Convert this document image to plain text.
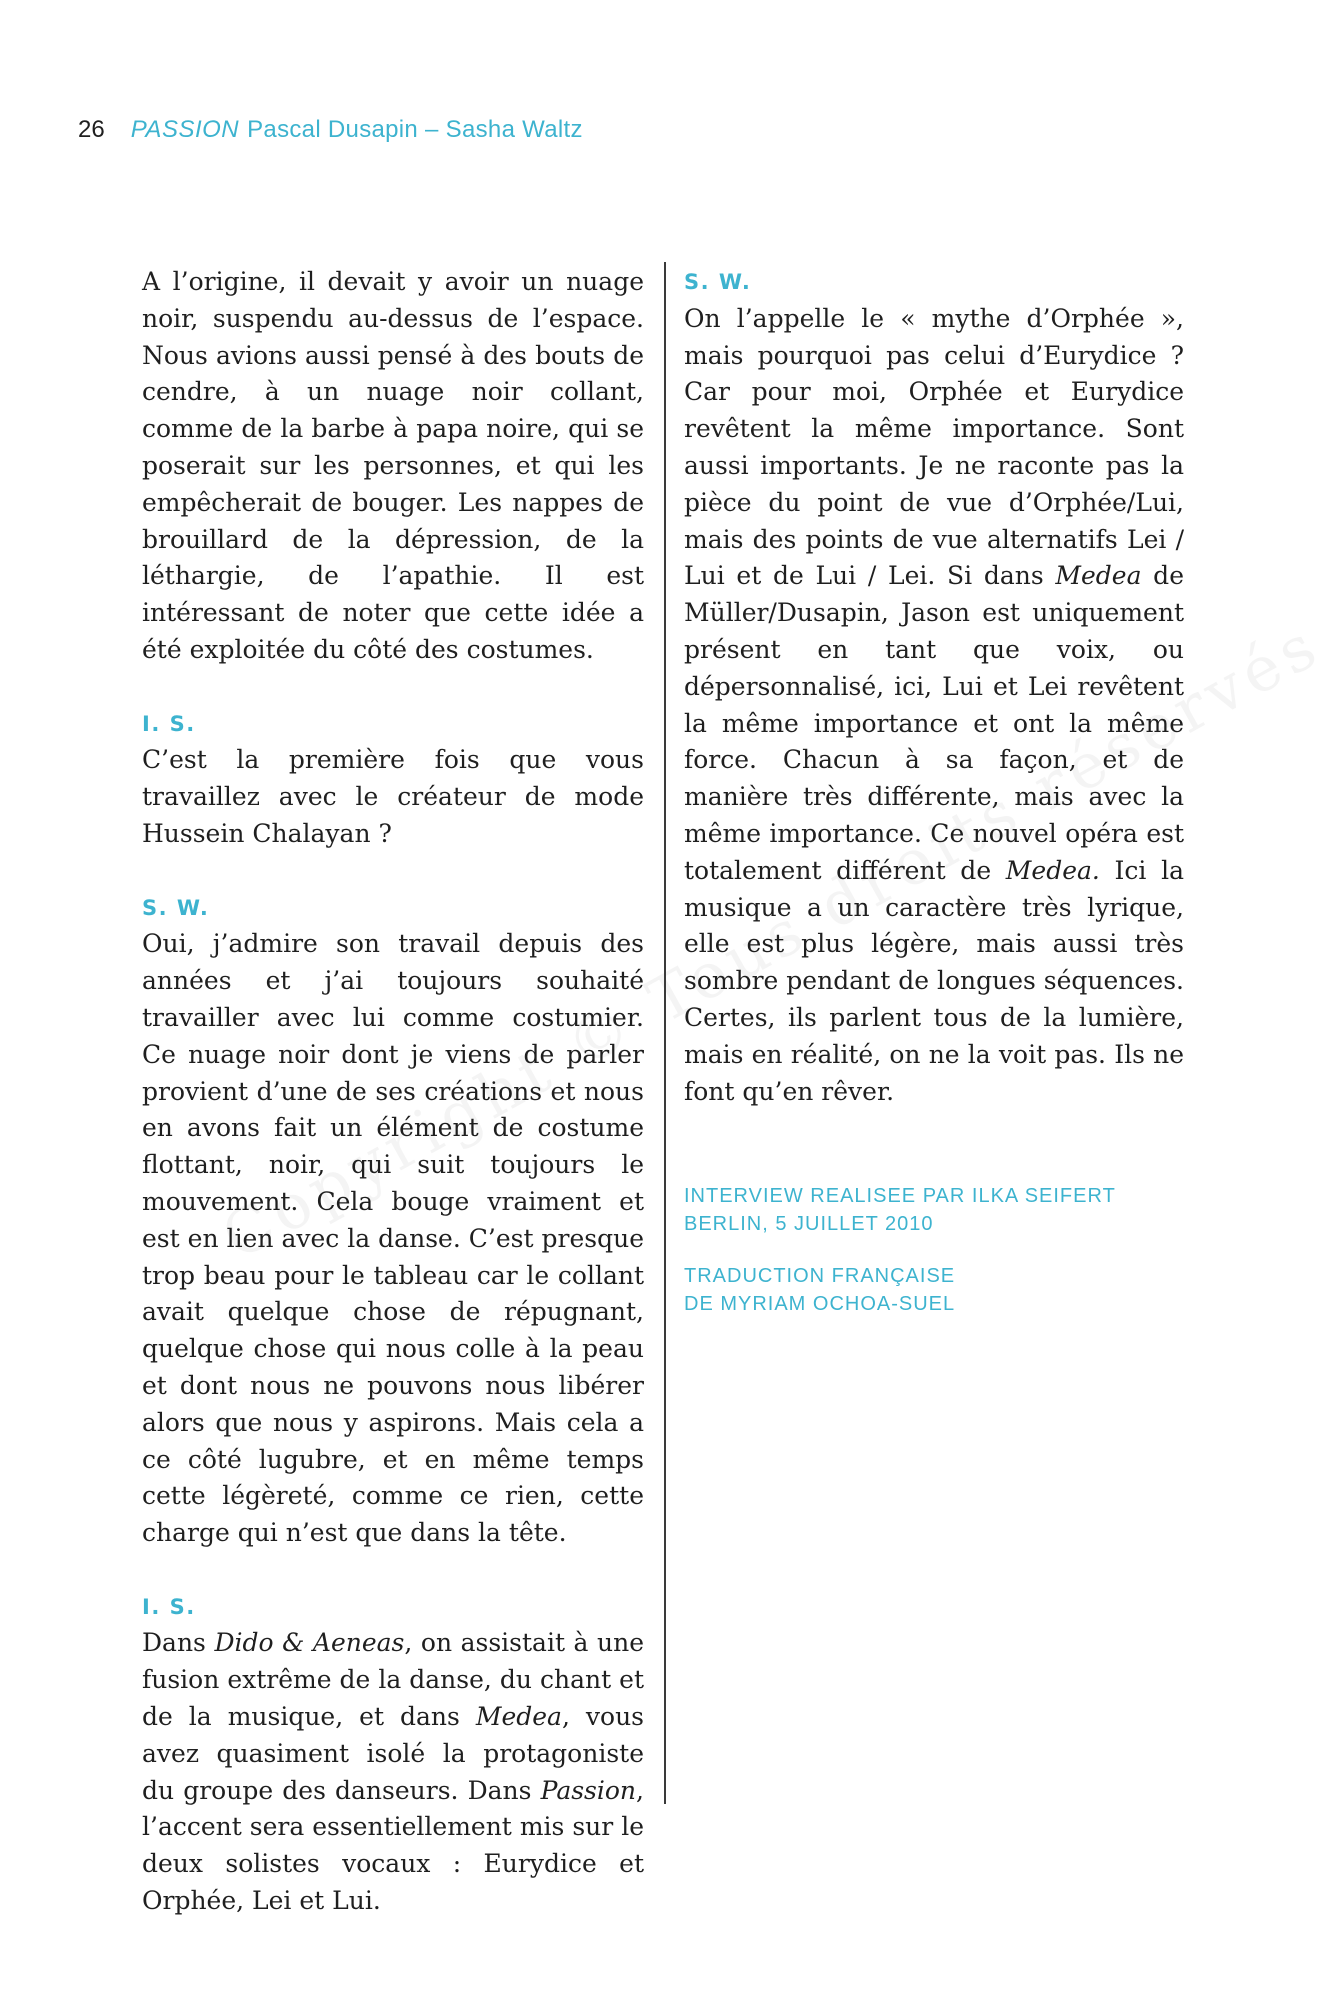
26 PASSION Pascal Dusapin – Sasha Waltz

A l’origine, il devait y avoir un nuage noir, suspendu au-dessus de l’espace. Nous avions aussi pensé à des bouts de cendre, à un nuage noir collant, comme de la barbe à papa noire, qui se poserait sur les personnes, et qui les empêcherait de bouger. Les nappes de brouillard de la dépression, de la léthargie, de l’apathie. Il est intéressant de noter que cette idée a été exploitée du côté des costumes.

I. S.

C’est la première fois que vous travaillez avec le créateur de mode Hussein Chalayan ?

S. W.

Oui, j’admire son travail depuis des années et j’ai toujours souhaité travailler avec lui comme costumier. Ce nuage noir dont je viens de parler provient d’une de ses créations et nous en avons fait un élément de costume flottant, noir, qui suit toujours le mouvement. Cela bouge vraiment et est en lien avec la danse. C’est presque trop beau pour le tableau car le collant avait quelque chose de répugnant, quelque chose qui nous colle à la peau et dont nous ne pouvons nous libérer alors que nous y aspirons. Mais cela a ce côté lugubre, et en même temps cette légèreté, comme ce rien, cette charge qui n’est que dans la tête.

I. S.

Dans Dido & Aeneas, on assistait à une fusion extrême de la danse, du chant et de la musique, et dans Medea, vous avez quasiment isolé la protagoniste du groupe des danseurs. Dans Passion, l’accent sera essentiellement mis sur le deux solistes vocaux : Eurydice et Orphée, Lei et Lui.

S. W.

On l’appelle le « mythe d’Orphée », mais pourquoi pas celui d’Eurydice ? Car pour moi, Orphée et Eurydice revêtent la même importance. Sont aussi importants. Je ne raconte pas la pièce du point de vue d’Orphée/Lui, mais des points de vue alternatifs Lei / Lui et de Lui / Lei. Si dans Medea de Müller/Dusapin, Jason est uniquement présent en tant que voix, ou dépersonnalisé, ici, Lui et Lei revêtent la même importance et ont la même force. Chacun à sa façon, et de manière très différente, mais avec la même importance. Ce nouvel opéra est totalement différent de Medea. Ici la musique a un caractère très lyrique, elle est plus légère, mais aussi très sombre pendant de longues séquences. Certes, ils parlent tous de la lumière, mais en réalité, on ne la voit pas. Ils ne font qu’en rêver.

INTERVIEW REALISEE PAR ILKA SEIFERT
BERLIN, 5 JUILLET 2010
TRADUCTION FRANÇAISE
DE MYRIAM OCHOA-SUEL
